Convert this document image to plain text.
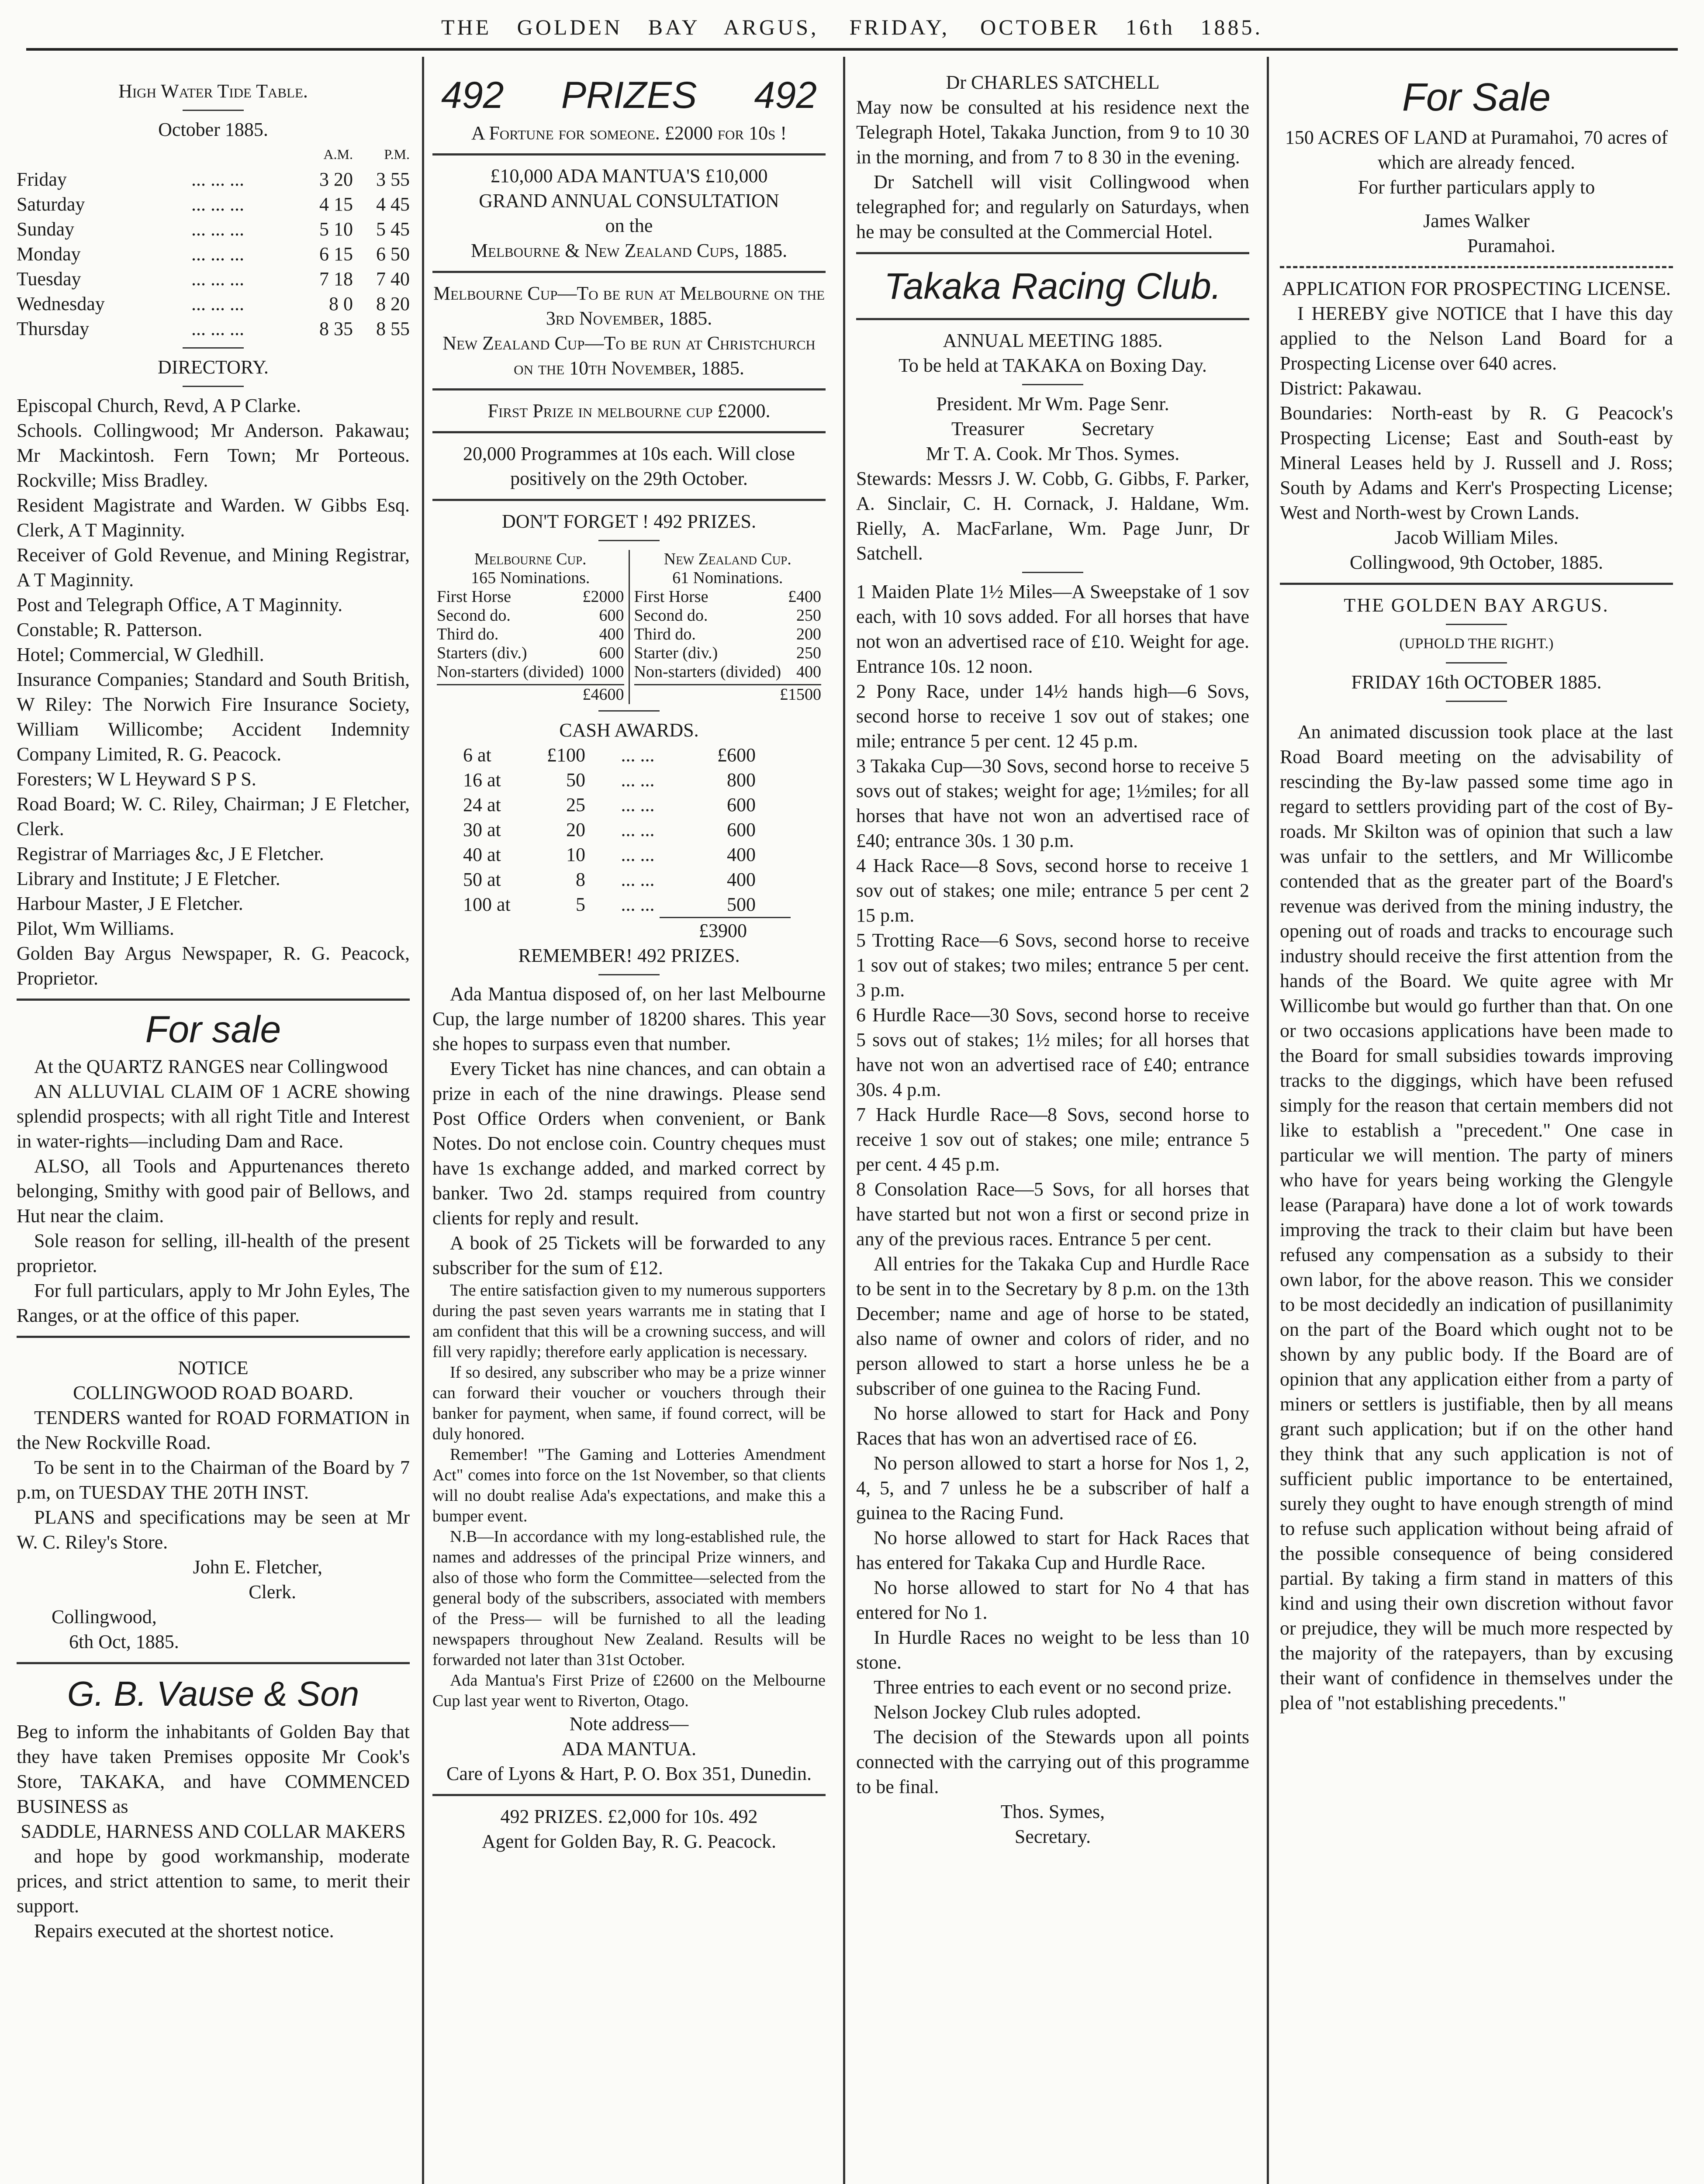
THE GOLDEN BAY ARGUS, FRIDAY, OCTOBER 16th 1885.

High Water Tide Table.

October 1885.

		A.M.	P.M.
Friday	... ... ...	3 20	3 55
Saturday	... ... ...	4 15	4 45
Sunday	... ... ...	5 10	5 45
Monday	... ... ...	6 15	6 50
Tuesday	... ... ...	7 18	7 40
Wednesday	... ... ...	8 0	8 20
Thursday	... ... ...	8 35	8 55

DIRECTORY.

Episcopal Church, Revd, A P Clarke.

Schools. Collingwood; Mr Anderson. Pakawau; Mr Mackintosh. Fern Town; Mr Porteous. Rockville; Miss Bradley.

Resident Magistrate and Warden. W Gibbs Esq. Clerk, A T Maginnity.

Receiver of Gold Revenue, and Mining Registrar, A T Maginnity.

Post and Telegraph Office, A T Maginnity.

Constable; R. Patterson.

Hotel; Commercial, W Gledhill.

Insurance Companies; Standard and South British, W Riley: The Norwich Fire Insurance Society, William Willicombe; Accident Indemnity Company Limited, R. G. Peacock.

Foresters; W L Heyward S P S.

Road Board; W. C. Riley, Chairman; J E Fletcher, Clerk.

Registrar of Marriages &c, J E Fletcher.

Library and Institute; J E Fletcher.

Harbour Master, J E Fletcher.

Pilot, Wm Williams.

Golden Bay Argus Newspaper, R. G. Peacock, Proprietor.

For sale

At the QUARTZ RANGES near Collingwood

AN ALLUVIAL CLAIM OF 1 ACRE showing splendid prospects; with all right Title and Interest in water-rights—including Dam and Race.

ALSO, all Tools and Appurtenances thereto belonging, Smithy with good pair of Bellows, and Hut near the claim.

Sole reason for selling, ill-health of the present proprietor.

For full particulars, apply to Mr John Eyles, The Ranges, or at the office of this paper.

NOTICE

COLLINGWOOD ROAD BOARD.

TENDERS wanted for ROAD FORMATION in the New Rockville Road.

To be sent in to the Chairman of the Board by 7 p.m, on TUESDAY THE 20TH INST.

PLANS and specifications may be seen at Mr W. C. Riley's Store.

John E. Fletcher,

Clerk.

Collingwood,

6th Oct, 1885.

G. B. Vause & Son

Beg to inform the inhabitants of Golden Bay that they have taken Premises opposite Mr Cook's Store, TAKAKA, and have COMMENCED BUSINESS as

SADDLE, HARNESS AND COLLAR MAKERS

and hope by good workmanship, moderate prices, and strict attention to same, to merit their support.

Repairs executed at the shortest notice.

492 PRIZES 492

A Fortune for someone. £2000 for 10s !

£10,000 ADA MANTUA'S £10,000

GRAND ANNUAL CONSULTATION

on the

Melbourne & New Zealand Cups, 1885.

Melbourne Cup—To be run at Melbourne on the 3rd November, 1885.

New Zealand Cup—To be run at Christchurch on the 10th November, 1885.

First Prize in melbourne cup £2000.

20,000 Programmes at 10s each. Will close positively on the 29th October.

DON'T FORGET ! 492 PRIZES.

Melbourne Cup.
165 Nominations.
First Horse	£2000
Second do.	600
Third do.	400
Starters (div.)	600
Non-starters (divided) 1000
£4600
New Zealand Cup.
61 Nominations.
First Horse	£400
Second do.	250
Third do.	200
Starter (div.)	250
Non-starters (divided) 400
£1500

CASH AWARDS.

6 at	£100	... ...	£600
16 at	50	... ...	800
24 at	25	... ...	600
30 at	20	... ...	600
40 at	10	... ...	400
50 at	8	... ...	400
100 at	5	... ...	500

£3900

REMEMBER! 492 PRIZES.

Ada Mantua disposed of, on her last Melbourne Cup, the large number of 18200 shares. This year she hopes to surpass even that number.

Every Ticket has nine chances, and can obtain a prize in each of the nine drawings. Please send Post Office Orders when convenient, or Bank Notes. Do not enclose coin. Country cheques must have 1s exchange added, and marked correct by banker. Two 2d. stamps required from country clients for reply and result.

A book of 25 Tickets will be forwarded to any subscriber for the sum of £12.

The entire satisfaction given to my numerous supporters during the past seven years warrants me in stating that I am confident that this will be a crowning success, and will fill very rapidly; therefore early application is necessary.

If so desired, any subscriber who may be a prize winner can forward their voucher or vouchers through their banker for payment, when same, if found correct, will be duly honored.

Remember! "The Gaming and Lotteries Amendment Act" comes into force on the 1st November, so that clients will no doubt realise Ada's expectations, and make this a bumper event.

N.B—In accordance with my long-established rule, the names and addresses of the principal Prize winners, and also of those who form the Committee—selected from the general body of the subscribers, associated with members of the Press— will be furnished to all the leading newspapers throughout New Zealand. Results will be forwarded not later than 31st October.

Ada Mantua's First Prize of £2600 on the Melbourne Cup last year went to Riverton, Otago.

Note address—

ADA MANTUA.

Care of Lyons & Hart, P. O. Box 351, Dunedin.

492 PRIZES. £2,000 for 10s. 492

Agent for Golden Bay, R. G. Peacock.

Dr CHARLES SATCHELL

May now be consulted at his residence next the Telegraph Hotel, Takaka Junction, from 9 to 10 30 in the morning, and from 7 to 8 30 in the evening.

Dr Satchell will visit Collingwood when telegraphed for; and regularly on Saturdays, when he may be consulted at the Commercial Hotel.

Takaka Racing Club.

ANNUAL MEETING 1885.

To be held at TAKAKA on Boxing Day.

President. Mr Wm. Page Senr.

Treasurer Secretary

Mr T. A. Cook. Mr Thos. Symes.

Stewards: Messrs J. W. Cobb, G. Gibbs, F. Parker, A. Sinclair, C. H. Cornack, J. Haldane, Wm. Rielly, A. MacFarlane, Wm. Page Junr, Dr Satchell.

1 Maiden Plate 1½ Miles—A Sweepstake of 1 sov each, with 10 sovs added. For all horses that have not won an advertised race of £10. Weight for age. Entrance 10s. 12 noon.

2 Pony Race, under 14½ hands high—6 Sovs, second horse to receive 1 sov out of stakes; one mile; entrance 5 per cent. 12 45 p.m.

3 Takaka Cup—30 Sovs, second horse to receive 5 sovs out of stakes; weight for age; 1½miles; for all horses that have not won an advertised race of £40; entrance 30s. 1 30 p.m.

4 Hack Race—8 Sovs, second horse to receive 1 sov out of stakes; one mile; entrance 5 per cent 2 15 p.m.

5 Trotting Race—6 Sovs, second horse to receive 1 sov out of stakes; two miles; entrance 5 per cent. 3 p.m.

6 Hurdle Race—30 Sovs, second horse to receive 5 sovs out of stakes; 1½ miles; for all horses that have not won an advertised race of £40; entrance 30s. 4 p.m.

7 Hack Hurdle Race—8 Sovs, second horse to receive 1 sov out of stakes; one mile; entrance 5 per cent. 4 45 p.m.

8 Consolation Race—5 Sovs, for all horses that have started but not won a first or second prize in any of the previous races. Entrance 5 per cent.

All entries for the Takaka Cup and Hurdle Race to be sent in to the Secretary by 8 p.m. on the 13th December; name and age of horse to be stated, also name of owner and colors of rider, and no person allowed to start a horse unless he be a subscriber of one guinea to the Racing Fund.

No horse allowed to start for Hack and Pony Races that has won an advertised race of £6.

No person allowed to start a horse for Nos 1, 2, 4, 5, and 7 unless he be a subscriber of half a guinea to the Racing Fund.

No horse allowed to start for Hack Races that has entered for Takaka Cup and Hurdle Race.

No horse allowed to start for No 4 that has entered for No 1.

In Hurdle Races no weight to be less than 10 stone.

Three entries to each event or no second prize.

Nelson Jockey Club rules adopted.

The decision of the Stewards upon all points connected with the carrying out of this programme to be final.

Thos. Symes,

Secretary.

For Sale

150 ACRES OF LAND at Puramahoi, 70 acres of which are already fenced.

For further particulars apply to

James Walker

Puramahoi.

APPLICATION FOR PROSPECTING LICENSE.

I HEREBY give NOTICE that I have this day applied to the Nelson Land Board for a Prospecting License over 640 acres.

District: Pakawau.

Boundaries: North-east by R. G Peacock's Prospecting License; East and South-east by Mineral Leases held by J. Russell and J. Ross; South by Adams and Kerr's Prospecting License; West and North-west by Crown Lands.

Jacob William Miles.

Collingwood, 9th October, 1885.

THE GOLDEN BAY ARGUS.

(UPHOLD THE RIGHT.)

FRIDAY 16th OCTOBER 1885.

An animated discussion took place at the last Road Board meeting on the advisability of rescinding the By-law passed some time ago in regard to settlers providing part of the cost of By-roads. Mr Skilton was of opinion that such a law was unfair to the settlers, and Mr Willicombe contended that as the greater part of the Board's revenue was derived from the mining industry, the opening out of roads and tracks to encourage such industry should receive the first attention from the hands of the Board. We quite agree with Mr Willicombe but would go further than that. On one or two occasions applications have been made to the Board for small subsidies towards improving tracks to the diggings, which have been refused simply for the reason that certain members did not like to establish a "precedent." One case in particular we will mention. The party of miners who have for years being working the Glengyle lease (Parapara) have done a lot of work towards improving the track to their claim but have been refused any compensation as a subsidy to their own labor, for the above reason. This we consider to be most decidedly an indication of pusillanimity on the part of the Board which ought not to be shown by any public body. If the Board are of opinion that any application either from a party of miners or settlers is justifiable, then by all means grant such application; but if on the other hand they think that any such application is not of sufficient public importance to be entertained, surely they ought to have enough strength of mind to refuse such application without being afraid of the possible consequence of being considered partial. By taking a firm stand in matters of this kind and using their own discretion without favor or prejudice, they will be much more respected by the majority of the ratepayers, than by excusing their want of confidence in themselves under the plea of "not establishing precedents."
